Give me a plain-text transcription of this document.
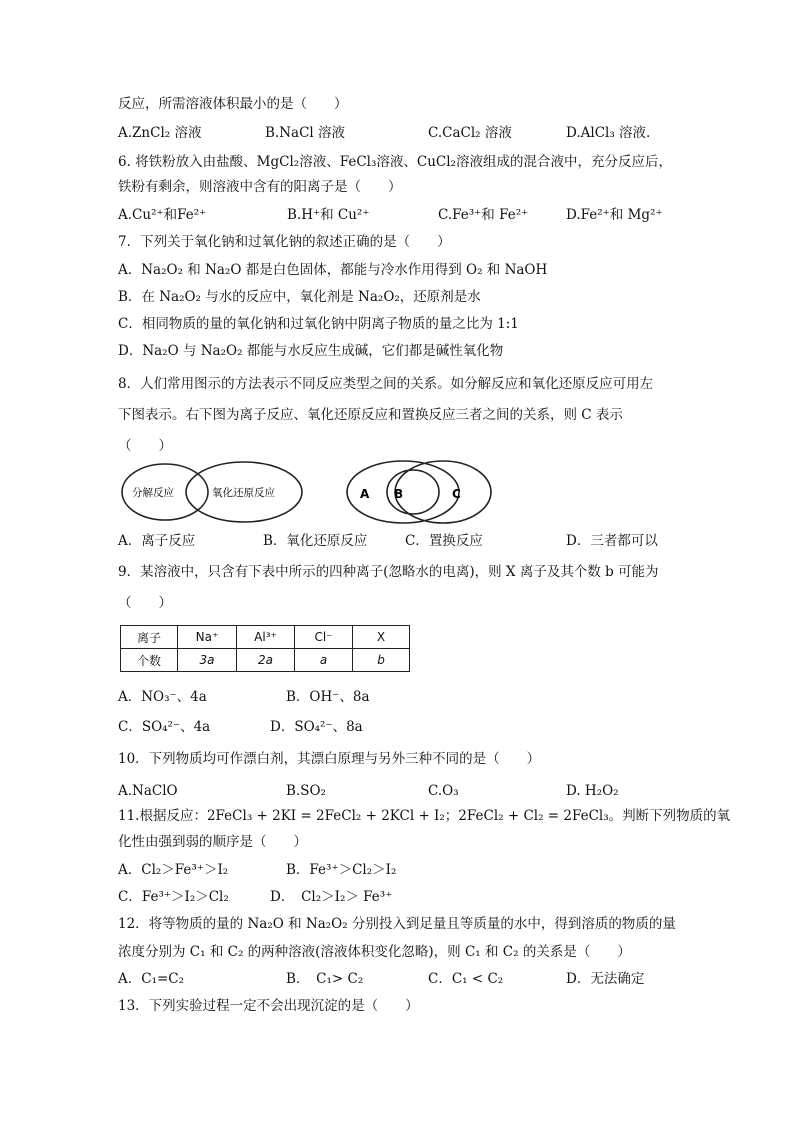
反应，所需溶液体积最小的是（　　）
A.ZnCl₂ 溶液	B.NaCl 溶液	C.CaCl₂ 溶液	D.AlCl₃ 溶液.
6. 将铁粉放入由盐酸、MgCl₂溶液、FeCl₃溶液、CuCl₂溶液组成的混合液中，充分反应后，
铁粉有剩余，则溶液中含有的阳离子是（　　）
A.Cu²⁺和Fe²⁺	B.H⁺和 Cu²⁺	C.Fe³⁺和 Fe²⁺	D.Fe²⁺和 Mg²⁺
7．下列关于氧化钠和过氧化钠的叙述正确的是（　　）
A．Na₂O₂ 和 Na₂O 都是白色固体，都能与冷水作用得到 O₂ 和 NaOH
B．在 Na₂O₂ 与水的反应中，氧化剂是 Na₂O₂，还原剂是水
C．相同物质的量的氧化钠和过氧化钠中阴离子物质的量之比为 1:1
D．Na₂O 与 Na₂O₂ 都能与水反应生成碱，它们都是碱性氧化物
8．人们常用图示的方法表示不同反应类型之间的关系。如分解反应和氧化还原反应可用左
下图表示。右下图为离子反应、氧化还原反应和置换反应三者之间的关系，则 C 表示
（　　）
分解反应	氧化还原反应	A B	C
A．离子反应	B．氧化还原反应	C．置换反应	D．三者都可以
9．某溶液中，只含有下表中所示的四种离子(忽略水的电离)，则 X 离子及其个数 b 可能为
（　　）
离子	Na⁺	Al³⁺	Cl⁻	X
个数	3a	2a	a	b
A．NO₃⁻、4a	B．OH⁻、8a
C．SO₄²⁻、4a	D．SO₄²⁻、8a
10．下列物质均可作漂白剂，其漂白原理与另外三种不同的是（　　）
A.NaClO	B.SO₂	C.O₃	D. H₂O₂
11.根据反应：2FeCl₃ + 2KI = 2FeCl₂ + 2KCl + I₂；2FeCl₂ + Cl₂ = 2FeCl₃。判断下列物质的氧
化性由强到弱的顺序是（　　）
A．Cl₂＞Fe³⁺＞I₂	B．Fe³⁺＞Cl₂＞I₂
C．Fe³⁺＞I₂＞Cl₂	D．　Cl₂＞I₂＞ Fe³⁺
12．将等物质的量的 Na₂O 和 Na₂O₂ 分别投入到足量且等质量的水中，得到溶质的物质的量
浓度分别为 C₁ 和 C₂ 的两种溶液(溶液体积变化忽略)，则 C₁ 和 C₂ 的关系是（　　）
A．C₁=C₂	B．　C₁> C₂	C．C₁ < C₂	D．无法确定
13．下列实验过程一定不会出现沉淀的是（　　）
